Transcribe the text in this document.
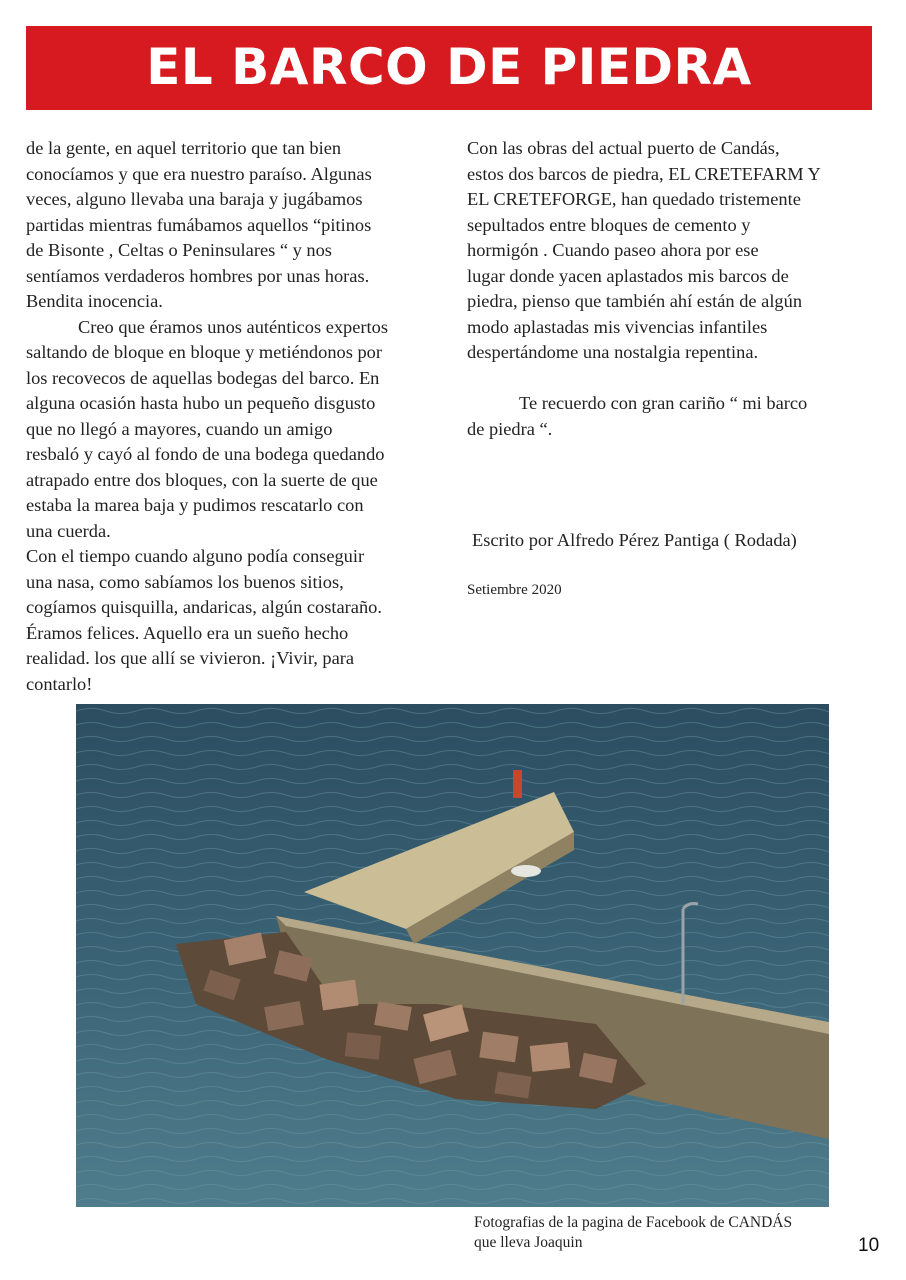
EL BARCO DE PIEDRA

de la gente, en aquel territorio que tan bien
conocíamos y que era nuestro paraíso. Algunas
veces, alguno llevaba una baraja y jugábamos
partidas mientras fumábamos aquellos “pitinos
de Bisonte , Celtas o Peninsulares “ y nos
sentíamos verdaderos hombres por unas horas.
Bendita inocencia.

Creo que éramos unos auténticos expertos
saltando de bloque en bloque y metiéndonos por
los recovecos de aquellas bodegas del barco. En
alguna ocasión hasta hubo un pequeño disgusto
que no llegó a mayores, cuando un amigo
resbaló y cayó al fondo de una bodega quedando
atrapado entre dos bloques, con la suerte de que
estaba la marea baja y pudimos rescatarlo con
una cuerda.

Con el tiempo cuando alguno podía conseguir
una nasa, como sabíamos los buenos sitios,
cogíamos quisquilla, andaricas, algún costaraño.
Éramos felices. Aquello era un sueño hecho
realidad. los que allí se vivieron. ¡Vivir, para
contarlo!

Con las obras del actual puerto de Candás,
estos dos barcos de piedra, EL CRETEFARM Y
EL CRETEFORGE, han quedado tristemente
sepultados entre bloques de cemento y
hormigón . Cuando paseo ahora por ese
lugar donde yacen aplastados mis barcos de
piedra, pienso que también ahí están de algún
modo aplastadas mis vivencias infantiles
despertándome una nostalgia repentina.

Te recuerdo con gran cariño “ mi barco
de piedra “.

Escrito por Alfredo Pérez Pantiga ( Rodada)
Setiembre 2020
Fotografias de la pagina de Facebook de CANDÁS
que lleva Joaquin	10
